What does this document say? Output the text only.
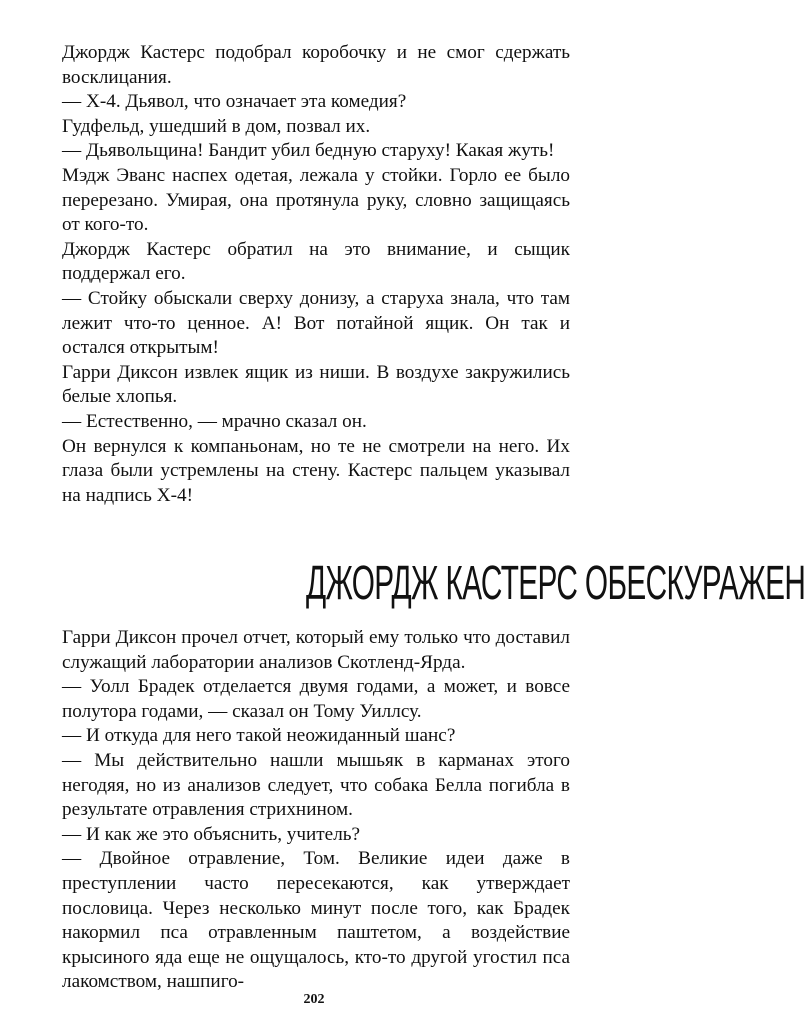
Джордж Кастерс подобрал коробочку и не смог сдержать восклицания.

— Х-4. Дьявол, что означает эта комедия?

Гудфельд, ушедший в дом, позвал их.

— Дьявольщина! Бандит убил бедную старуху! Какая жуть!

Мэдж Эванс наспех одетая, лежала у стойки. Горло ее было перерезано. Умирая, она протянула руку, словно защищаясь от кого-то.

Джордж Кастерс обратил на это внимание, и сыщик поддержал его.

— Стойку обыскали сверху донизу, а старуха знала, что там лежит что-то ценное. А! Вот потайной ящик. Он так и остался открытым!

Гарри Диксон извлек ящик из ниши. В воздухе закружились белые хлопья.

— Естественно, — мрачно сказал он.

Он вернулся к компаньонам, но те не смотрели на него. Их глаза были устремлены на стену. Кастерс пальцем указывал на надпись Х-4!

ДЖОРДЖ КАСТЕРС ОБЕСКУРАЖЕН

Гарри Диксон прочел отчет, который ему только что доставил служащий лаборатории анализов Скотленд-Ярда.

— Уолл Брадек отделается двумя годами, а может, и вовсе полутора годами, — сказал он Тому Уиллсу.

— И откуда для него такой неожиданный шанс?

— Мы действительно нашли мышьяк в карманах этого негодяя, но из анализов следует, что собака Белла погибла в результате отравления стрихнином.

— И как же это объяснить, учитель?

— Двойное отравление, Том. Великие идеи даже в преступлении часто пересекаются, как утверждает пословица. Через несколько минут после того, как Брадек накормил пса отравленным паштетом, а воздействие крысиного яда еще не ощущалось, кто-то другой угостил пса лакомством, нашпиго-

202
